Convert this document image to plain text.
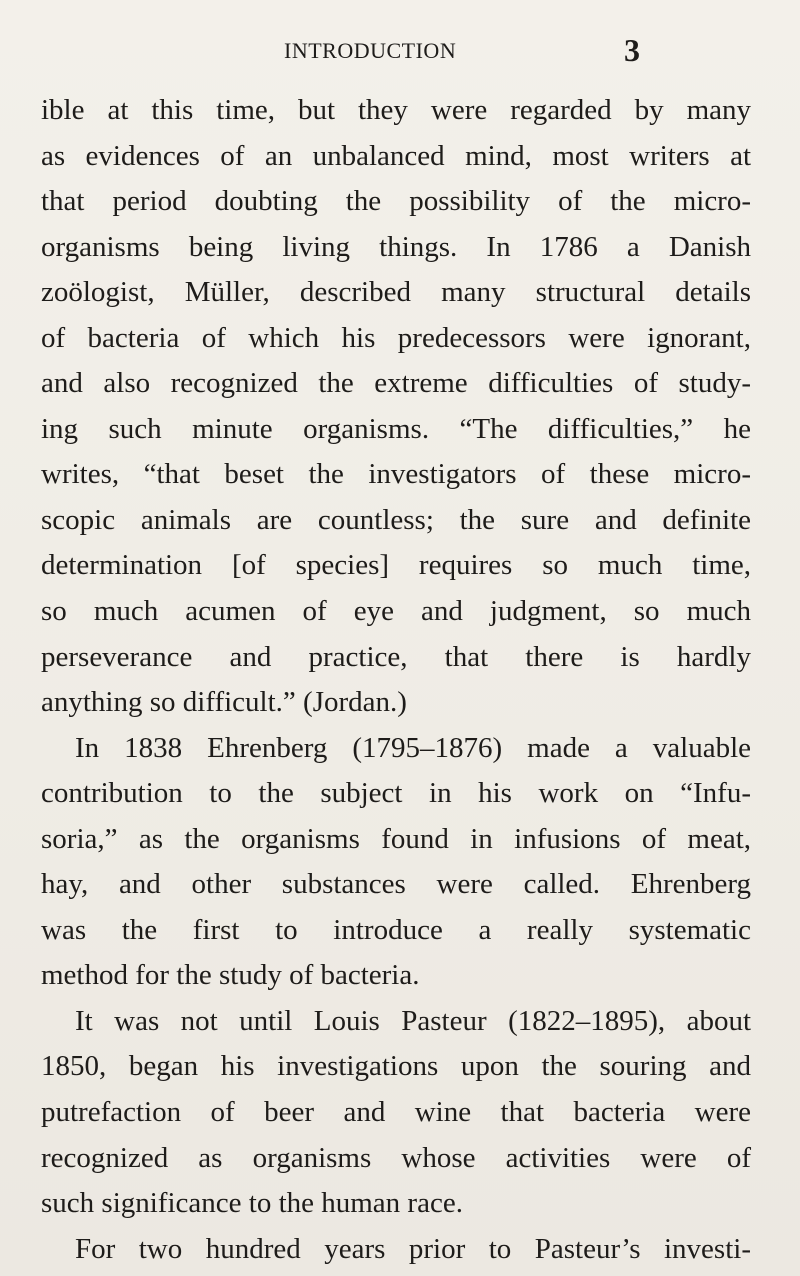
INTRODUCTION	3
ible at this time, but they were regarded by many
as evidences of an unbalanced mind, most writers at
that period doubting the possibility of the micro-
organisms being living things. In 1786 a Danish
zoölogist, Müller, described many structural details
of bacteria of which his predecessors were ignorant,
and also recognized the extreme difficulties of study-
ing such minute organisms. “The difficulties,” he
writes, “that beset the investigators of these micro-
scopic animals are countless; the sure and definite
determination [of species] requires so much time,
so much acumen of eye and judgment, so much
perseverance and practice, that there is hardly
anything so difficult.” (Jordan.)
In 1838 Ehrenberg (1795–1876) made a valuable
contribution to the subject in his work on “Infu-
soria,” as the organisms found in infusions of meat,
hay, and other substances were called. Ehrenberg
was the first to introduce a really systematic
method for the study of bacteria.
It was not until Louis Pasteur (1822–1895), about
1850, began his investigations upon the souring and
putrefaction of beer and wine that bacteria were
recognized as organisms whose activities were of
such significance to the human race.
For two hundred years prior to Pasteur’s investi-
